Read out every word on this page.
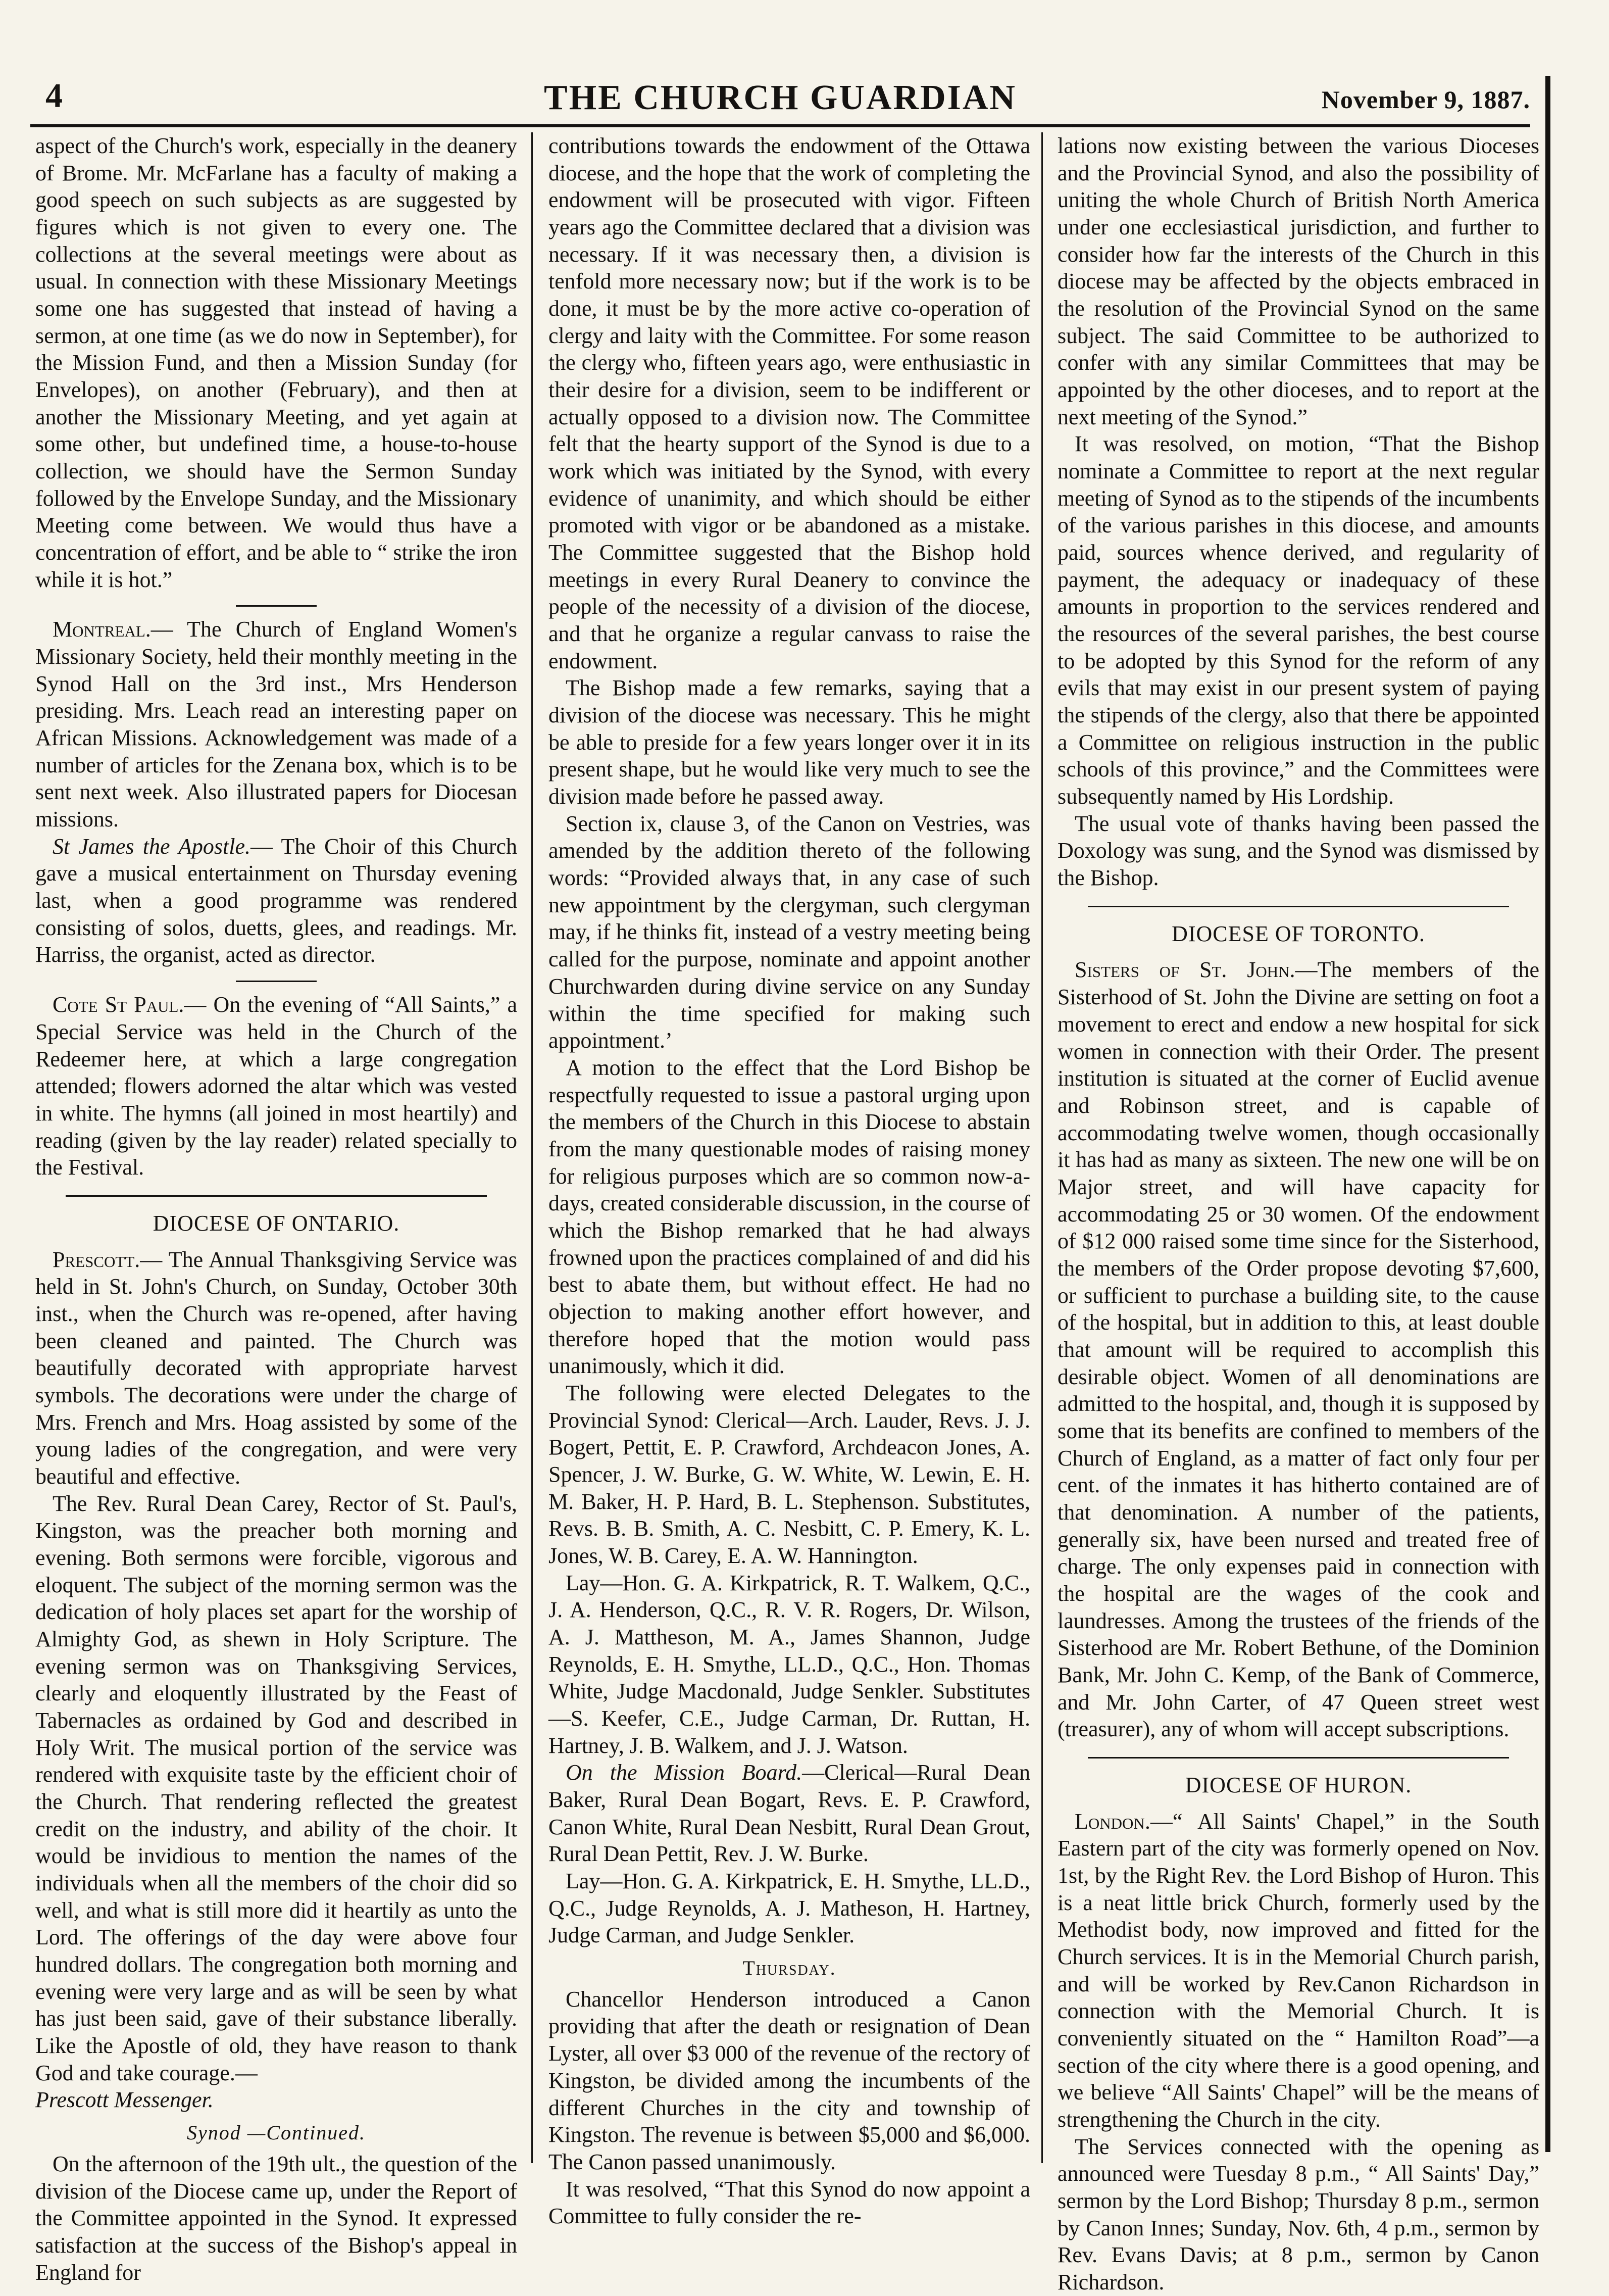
4	THE CHURCH GUARDIAN	November 9, 1887.

aspect of the Church's work, especially in the deanery of Brome. Mr. McFarlane has a faculty of making a good speech on such subjects as are suggested by figures which is not given to every one. The collections at the several meetings were about as usual. In connection with these Missionary Meetings some one has suggested that instead of having a sermon, at one time (as we do now in September), for the Mission Fund, and then a Mission Sunday (for Envelopes), on another (February), and then at another the Missionary Meeting, and yet again at some other, but undefined time, a house-to-house collection, we should have the Sermon Sunday followed by the Envelope Sunday, and the Missionary Meeting come between. We would thus have a concentration of effort, and be able to “ strike the iron while it is hot.”

Montreal.— The Church of England Women's Missionary Society, held their monthly meeting in the Synod Hall on the 3rd inst., Mrs Henderson presiding. Mrs. Leach read an interesting paper on African Missions. Acknowledgement was made of a number of articles for the Zenana box, which is to be sent next week. Also illustrated papers for Diocesan missions.

St James the Apostle.— The Choir of this Church gave a musical entertainment on Thursday evening last, when a good programme was rendered consisting of solos, duetts, glees, and readings. Mr. Harriss, the organist, acted as director.

Cote St Paul.— On the evening of “All Saints,” a Special Service was held in the Church of the Redeemer here, at which a large congregation attended; flowers adorned the altar which was vested in white. The hymns (all joined in most heartily) and reading (given by the lay reader) related specially to the Festival.

DIOCESE OF ONTARIO.

Prescott.— The Annual Thanksgiving Service was held in St. John's Church, on Sunday, October 30th inst., when the Church was re-opened, after having been cleaned and painted. The Church was beautifully decorated with appropriate harvest symbols. The decorations were under the charge of Mrs. French and Mrs. Hoag assisted by some of the young ladies of the congregation, and were very beautiful and effective.

The Rev. Rural Dean Carey, Rector of St. Paul's, Kingston, was the preacher both morning and evening. Both sermons were forcible, vigorous and eloquent. The subject of the morning sermon was the dedication of holy places set apart for the worship of Almighty God, as shewn in Holy Scripture. The evening sermon was on Thanksgiving Services, clearly and eloquently illustrated by the Feast of Tabernacles as ordained by God and described in Holy Writ. The musical portion of the service was rendered with exquisite taste by the efficient choir of the Church. That rendering reflected the greatest credit on the industry, and ability of the choir. It would be invidious to mention the names of the individuals when all the members of the choir did so well, and what is still more did it heartily as unto the Lord. The offerings of the day were above four hundred dollars. The congregation both morning and evening were very large and as will be seen by what has just been said, gave of their substance liberally. Like the Apostle of old, they have reason to thank God and take courage.—

Prescott Messenger.

Synod —Continued.

On the afternoon of the 19th ult., the question of the division of the Diocese came up, under the Report of the Committee appointed in the Synod. It expressed satisfaction at the success of the Bishop's appeal in England for

contributions towards the endowment of the Ottawa diocese, and the hope that the work of completing the endowment will be prosecuted with vigor. Fifteen years ago the Committee declared that a division was necessary. If it was necessary then, a division is tenfold more necessary now; but if the work is to be done, it must be by the more active co-operation of clergy and laity with the Committee. For some reason the clergy who, fifteen years ago, were enthusiastic in their desire for a division, seem to be indifferent or actually opposed to a division now. The Committee felt that the hearty support of the Synod is due to a work which was initiated by the Synod, with every evidence of unanimity, and which should be either promoted with vigor or be abandoned as a mistake. The Committee suggested that the Bishop hold meetings in every Rural Deanery to convince the people of the necessity of a division of the diocese, and that he organize a regular canvass to raise the endowment.

The Bishop made a few remarks, saying that a division of the diocese was necessary. This he might be able to preside for a few years longer over it in its present shape, but he would like very much to see the division made before he passed away.

Section ix, clause 3, of the Canon on Vestries, was amended by the addition thereto of the following words: “Provided always that, in any case of such new appointment by the clergyman, such clergyman may, if he thinks fit, instead of a vestry meeting being called for the purpose, nominate and appoint another Churchwarden during divine service on any Sunday within the time specified for making such appointment.’

A motion to the effect that the Lord Bishop be respectfully requested to issue a pastoral urging upon the members of the Church in this Diocese to abstain from the many questionable modes of raising money for religious purposes which are so common now-a-days, created considerable discussion, in the course of which the Bishop remarked that he had always frowned upon the practices complained of and did his best to abate them, but without effect. He had no objection to making another effort however, and therefore hoped that the motion would pass unanimously, which it did.

The following were elected Delegates to the Provincial Synod: Clerical—Arch. Lauder, Revs. J. J. Bogert, Pettit, E. P. Crawford, Archdeacon Jones, A. Spencer, J. W. Burke, G. W. White, W. Lewin, E. H. M. Baker, H. P. Hard, B. L. Stephenson. Substitutes, Revs. B. B. Smith, A. C. Nesbitt, C. P. Emery, K. L. Jones, W. B. Carey, E. A. W. Hannington.

Lay—Hon. G. A. Kirkpatrick, R. T. Walkem, Q.C., J. A. Henderson, Q.C., R. V. R. Rogers, Dr. Wilson, A. J. Mattheson, M. A., James Shannon, Judge Reynolds, E. H. Smythe, LL.D., Q.C., Hon. Thomas White, Judge Macdonald, Judge Senkler. Substitutes—S. Keefer, C.E., Judge Carman, Dr. Ruttan, H. Hartney, J. B. Walkem, and J. J. Watson.

On the Mission Board.—Clerical—Rural Dean Baker, Rural Dean Bogart, Revs. E. P. Crawford, Canon White, Rural Dean Nesbitt, Rural Dean Grout, Rural Dean Pettit, Rev. J. W. Burke.

Lay—Hon. G. A. Kirkpatrick, E. H. Smythe, LL.D., Q.C., Judge Reynolds, A. J. Matheson, H. Hartney, Judge Carman, and Judge Senkler.

Thursday.

Chancellor Henderson introduced a Canon providing that after the death or resignation of Dean Lyster, all over $3 000 of the revenue of the rectory of Kingston, be divided among the incumbents of the different Churches in the city and township of Kingston. The revenue is between $5,000 and $6,000. The Canon passed unanimously.

It was resolved, “That this Synod do now appoint a Committee to fully consider the re-

lations now existing between the various Dioceses and the Provincial Synod, and also the possibility of uniting the whole Church of British North America under one ecclesiastical jurisdiction, and further to consider how far the interests of the Church in this diocese may be affected by the objects embraced in the resolution of the Provincial Synod on the same subject. The said Committee to be authorized to confer with any similar Committees that may be appointed by the other dioceses, and to report at the next meeting of the Synod.”

It was resolved, on motion, “That the Bishop nominate a Committee to report at the next regular meeting of Synod as to the stipends of the incumbents of the various parishes in this diocese, and amounts paid, sources whence derived, and regularity of payment, the adequacy or inadequacy of these amounts in proportion to the services rendered and the resources of the several parishes, the best course to be adopted by this Synod for the reform of any evils that may exist in our present system of paying the stipends of the clergy, also that there be appointed a Committee on religious instruction in the public schools of this province,” and the Committees were subsequently named by His Lordship.

The usual vote of thanks having been passed the Doxology was sung, and the Synod was dismissed by the Bishop.

DIOCESE OF TORONTO.

Sisters of St. John.—The members of the Sisterhood of St. John the Divine are setting on foot a movement to erect and endow a new hospital for sick women in connection with their Order. The present institution is situated at the corner of Euclid avenue and Robinson street, and is capable of accommodating twelve women, though occasionally it has had as many as sixteen. The new one will be on Major street, and will have capacity for accommodating 25 or 30 women. Of the endowment of $12 000 raised some time since for the Sisterhood, the members of the Order propose devoting $7,600, or sufficient to purchase a building site, to the cause of the hospital, but in addition to this, at least double that amount will be required to accomplish this desirable object. Women of all denominations are admitted to the hospital, and, though it is supposed by some that its benefits are confined to members of the Church of England, as a matter of fact only four per cent. of the inmates it has hitherto contained are of that denomination. A number of the patients, generally six, have been nursed and treated free of charge. The only expenses paid in connection with the hospital are the wages of the cook and laundresses. Among the trustees of the friends of the Sisterhood are Mr. Robert Bethune, of the Dominion Bank, Mr. John C. Kemp, of the Bank of Commerce, and Mr. John Carter, of 47 Queen street west (treasurer), any of whom will accept subscriptions.

DIOCESE OF HURON.

London.—“ All Saints' Chapel,” in the South Eastern part of the city was formerly opened on Nov. 1st, by the Right Rev. the Lord Bishop of Huron. This is a neat little brick Church, formerly used by the Methodist body, now improved and fitted for the Church services. It is in the Memorial Church parish, and will be worked by Rev.Canon Richardson in connection with the Memorial Church. It is conveniently situated on the “ Hamilton Road”—a section of the city where there is a good opening, and we believe “All Saints' Chapel” will be the means of strengthening the Church in the city.

The Services connected with the opening as announced were Tuesday 8 p.m., “ All Saints' Day,” sermon by the Lord Bishop; Thursday 8 p.m., sermon by Canon Innes; Sunday, Nov. 6th, 4 p.m., sermon by Rev. Evans Davis; at 8 p.m., sermon by Canon Richardson.
